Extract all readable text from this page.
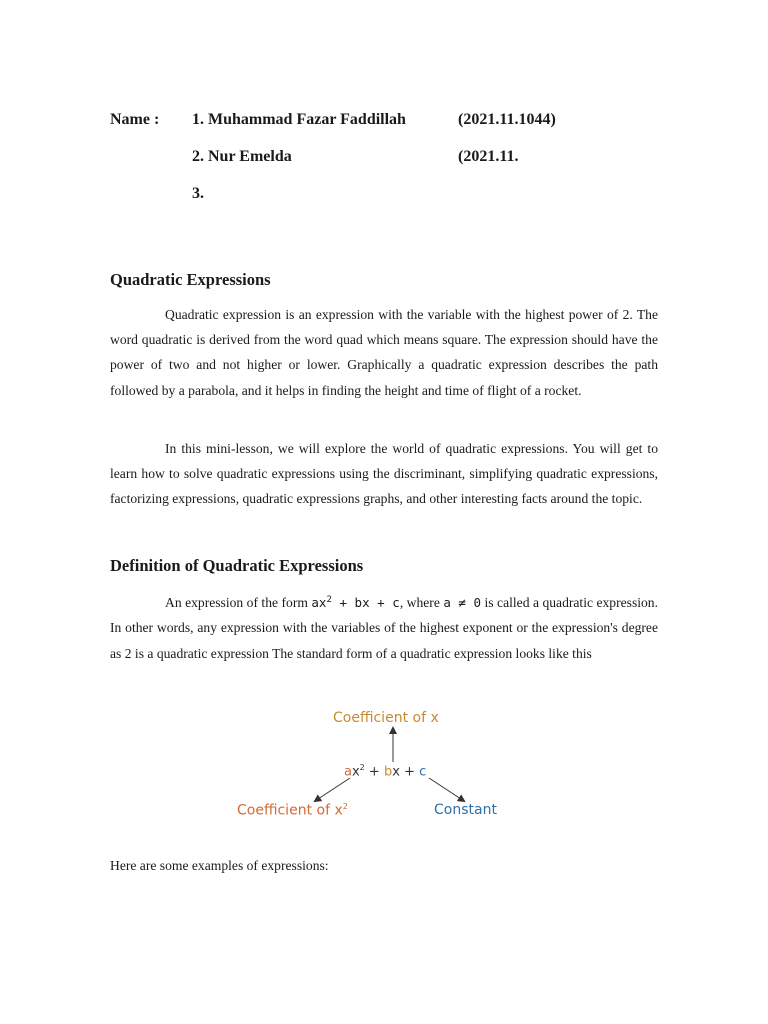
Name : 1. Muhammad Fazar Faddillah	(2021.11.1044)
2. Nur Emelda	(2021.11.
3.
Quadratic Expressions

Quadratic expression is an expression with the variable with the highest power of 2. The word quadratic is derived from the word quad which means square. The expression should have the power of two and not higher or lower. Graphically a quadratic expression describes the path followed by a parabola, and it helps in finding the height and time of flight of a rocket.

In this mini-lesson, we will explore the world of quadratic expressions. You will get to learn how to solve quadratic expressions using the discriminant, simplifying quadratic expressions, factorizing expressions, quadratic expressions graphs, and other interesting facts around the topic.

Definition of Quadratic Expressions

An expression of the form $ax^2$ + bx + c, where a ≠ 0 is called a quadratic expression. In other words, any expression with the variables of the highest exponent or the expression's degree as 2 is a quadratic expression The standard form of a quadratic expression looks like this

Coefficient of x
$ax^2$ + bx + c
Coefficient of $x^2$	Constant

Here are some examples of expressions:
